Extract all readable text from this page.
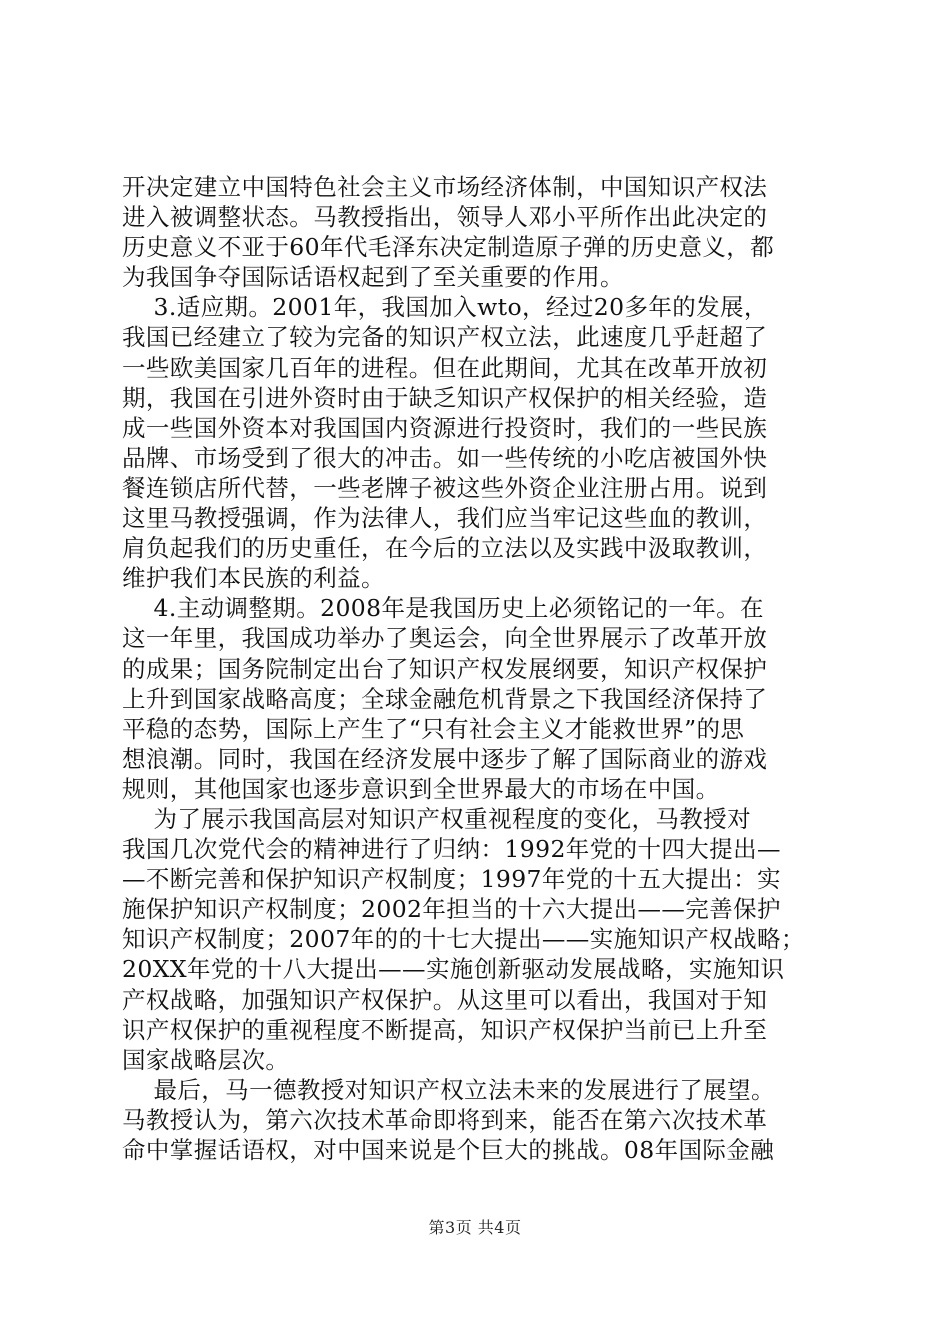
开决定建立中国特色社会主义市场经济体制，中国知识产权法
进入被调整状态。马教授指出，领导人邓小平所作出此决定的
历史意义不亚于60年代毛泽东决定制造原子弹的历史意义，都
为我国争夺国际话语权起到了至关重要的作用。
3.适应期。2001年，我国加入wto，经过20多年的发展，
我国已经建立了较为完备的知识产权立法，此速度几乎赶超了
一些欧美国家几百年的进程。但在此期间，尤其在改革开放初
期，我国在引进外资时由于缺乏知识产权保护的相关经验，造
成一些国外资本对我国国内资源进行投资时，我们的一些民族
品牌、市场受到了很大的冲击。如一些传统的小吃店被国外快
餐连锁店所代替，一些老牌子被这些外资企业注册占用。说到
这里马教授强调，作为法律人，我们应当牢记这些血的教训，
肩负起我们的历史重任，在今后的立法以及实践中汲取教训，
维护我们本民族的利益。
4.主动调整期。2008年是我国历史上必须铭记的一年。在
这一年里，我国成功举办了奥运会，向全世界展示了改革开放
的成果；国务院制定出台了知识产权发展纲要，知识产权保护
上升到国家战略高度；全球金融危机背景之下我国经济保持了
平稳的态势，国际上产生了“只有社会主义才能救世界”的思
想浪潮。同时，我国在经济发展中逐步了解了国际商业的游戏
规则，其他国家也逐步意识到全世界最大的市场在中国。
为了展示我国高层对知识产权重视程度的变化，马教授对
我国几次党代会的精神进行了归纳：1992年党的十四大提出—
—不断完善和保护知识产权制度；1997年党的十五大提出：实
施保护知识产权制度；2002年担当的十六大提出——完善保护
知识产权制度；2007年的的十七大提出——实施知识产权战略；
20XX年党的十八大提出——实施创新驱动发展战略，实施知识
产权战略，加强知识产权保护。从这里可以看出，我国对于知
识产权保护的重视程度不断提高，知识产权保护当前已上升至
国家战略层次。
最后，马一德教授对知识产权立法未来的发展进行了展望。
马教授认为，第六次技术革命即将到来，能否在第六次技术革
命中掌握话语权，对中国来说是个巨大的挑战。08年国际金融
第3页 共4页
